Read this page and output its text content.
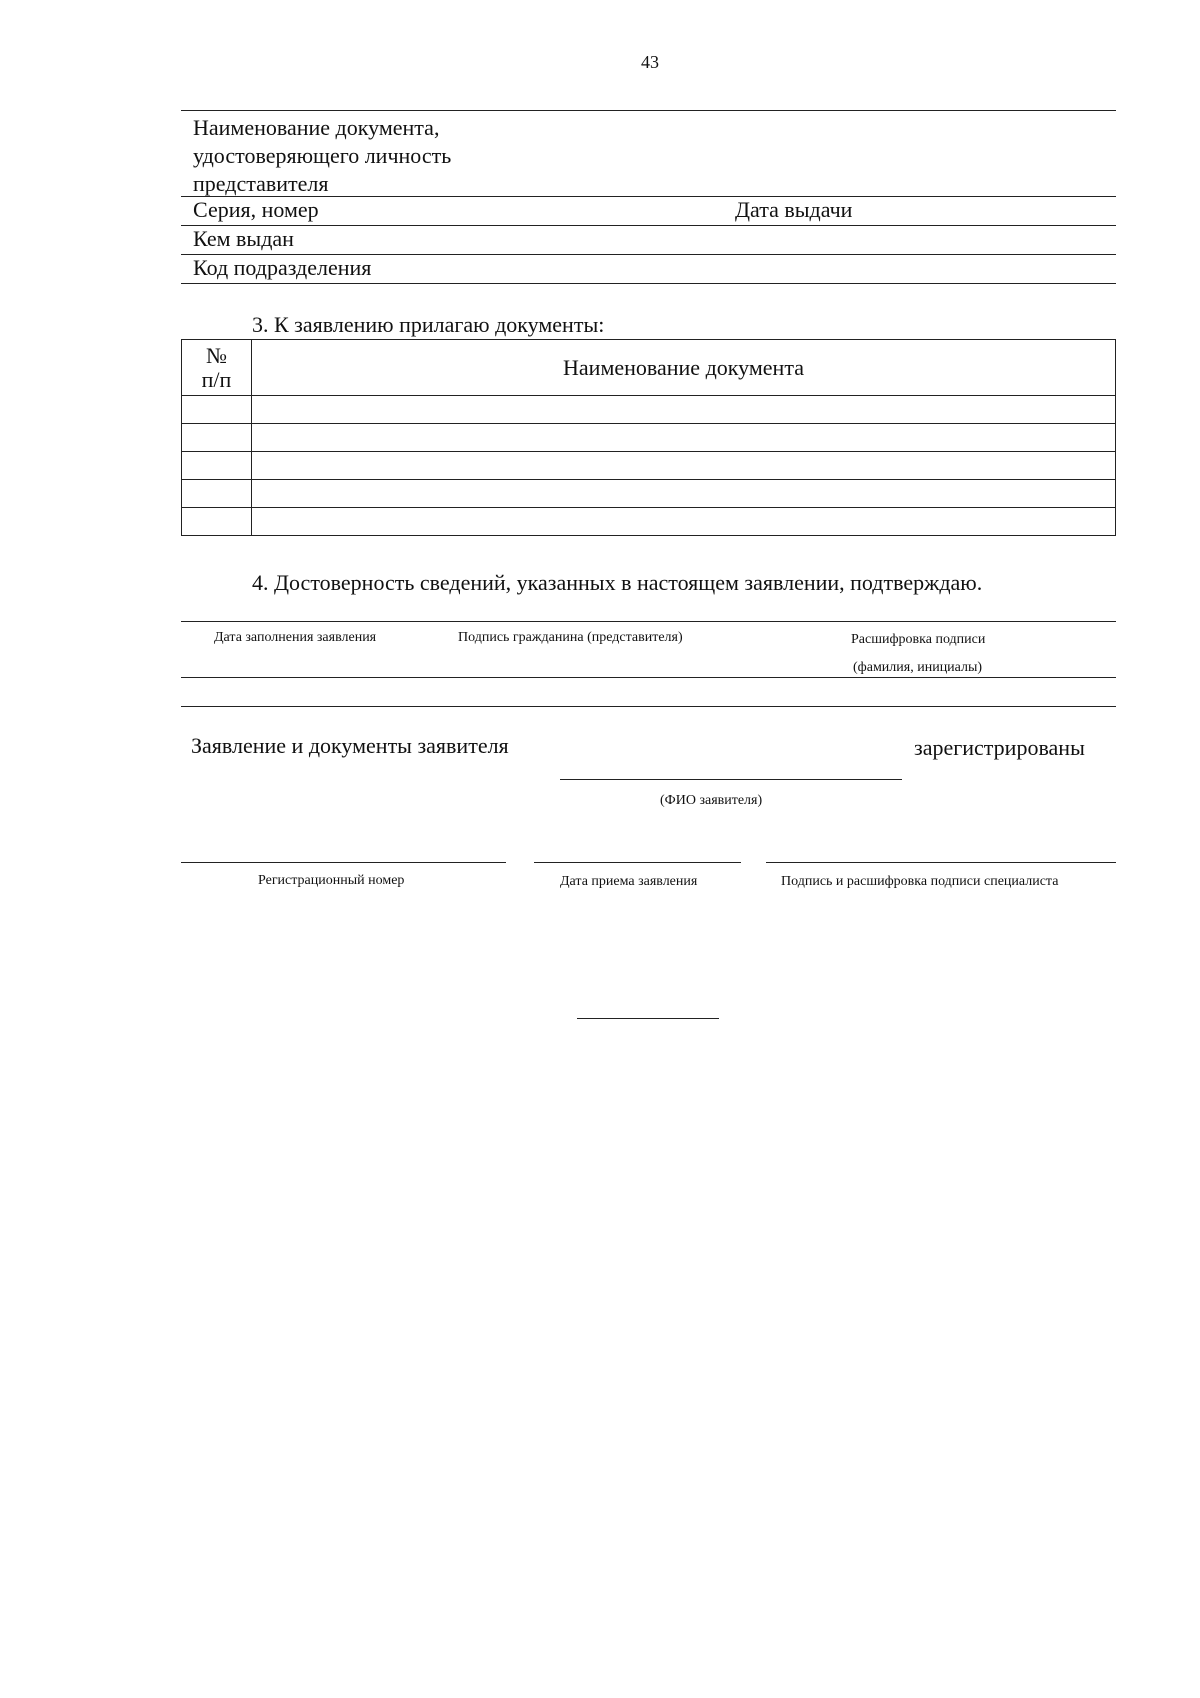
43
Наименование документа,
удостоверяющего личность
представителя
Серия, номер	Дата выдачи
Кем выдан
Код подразделения
3. К заявлению прилагаю документы:
№
п/п	Наименование документа

4. Достоверность сведений, указанных в настоящем заявлении, подтверждаю.
Дата заполнения заявления	Подпись гражданина (представителя)	Расшифровка подписи
(фамилия, инициалы)
Заявление и документы заявителя	зарегистрированы
(ФИО заявителя)
Регистрационный номер	Дата приема заявления	Подпись и расшифровка подписи специалиста
